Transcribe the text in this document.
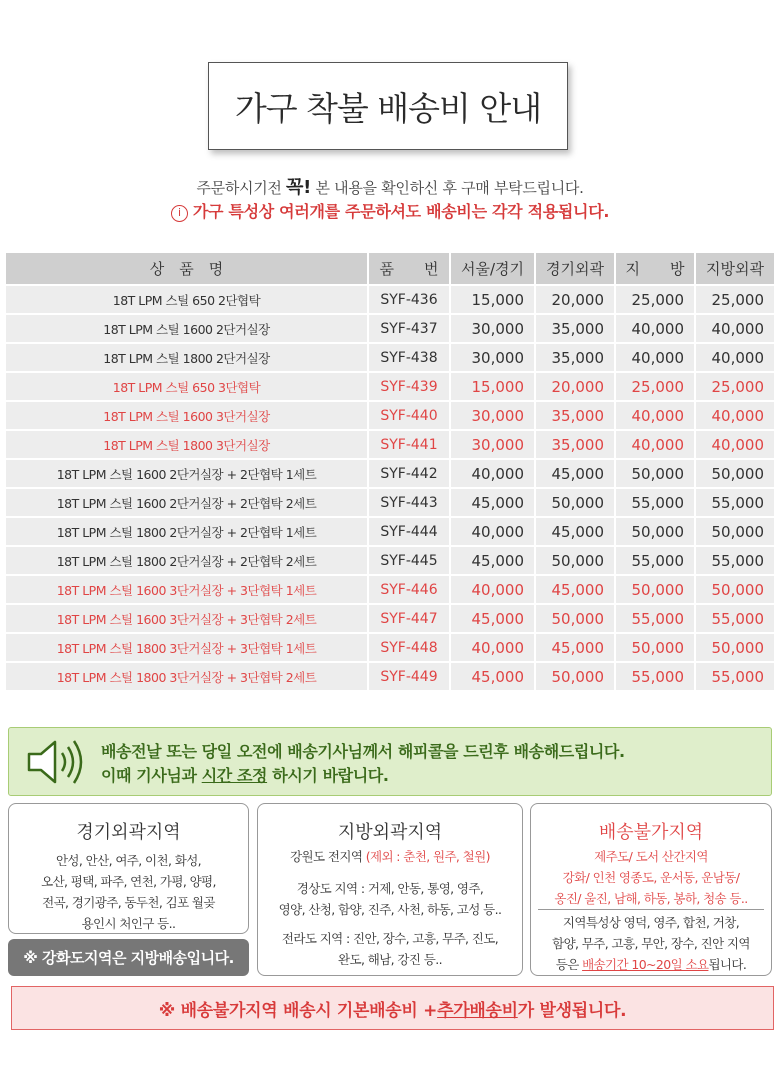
가구 착불 배송비 안내
주문하시기전 꼭! 본 내용을 확인하신 후 구매 부탁드립니다.
i 가구 특성상 여러개를 주문하셔도 배송비는 각각 적용됩니다.
상　품　명	품　　번	서울/경기	경기외곽	지　　방	지방외곽
18T LPM 스틸 650 2단협탁	SYF-436	15,000	20,000	25,000	25,000
18T LPM 스틸 1600 2단거실장	SYF-437	30,000	35,000	40,000	40,000
18T LPM 스틸 1800 2단거실장	SYF-438	30,000	35,000	40,000	40,000
18T LPM 스틸 650 3단협탁	SYF-439	15,000	20,000	25,000	25,000
18T LPM 스틸 1600 3단거실장	SYF-440	30,000	35,000	40,000	40,000
18T LPM 스틸 1800 3단거실장	SYF-441	30,000	35,000	40,000	40,000
18T LPM 스틸 1600 2단거실장 + 2단협탁 1세트	SYF-442	40,000	45,000	50,000	50,000
18T LPM 스틸 1600 2단거실장 + 2단협탁 2세트	SYF-443	45,000	50,000	55,000	55,000
18T LPM 스틸 1800 2단거실장 + 2단협탁 1세트	SYF-444	40,000	45,000	50,000	50,000
18T LPM 스틸 1800 2단거실장 + 2단협탁 2세트	SYF-445	45,000	50,000	55,000	55,000
18T LPM 스틸 1600 3단거실장 + 3단협탁 1세트	SYF-446	40,000	45,000	50,000	50,000
18T LPM 스틸 1600 3단거실장 + 3단협탁 2세트	SYF-447	45,000	50,000	55,000	55,000
18T LPM 스틸 1800 3단거실장 + 3단협탁 1세트	SYF-448	40,000	45,000	50,000	50,000
18T LPM 스틸 1800 3단거실장 + 3단협탁 2세트	SYF-449	45,000	50,000	55,000	55,000
배송전날 또는 당일 오전에 배송기사님께서 해피콜을 드린후 배송해드립니다.
이때 기사님과 시간 조정 하시기 바랍니다.
경기외곽지역
안성, 안산, 여주, 이천, 화성,
오산, 평택, 파주, 연천, 가평, 양평,
전곡, 경기광주, 동두천, 김포 월곶
용인시 처인구 등..
※ 강화도지역은 지방배송입니다.
지방외곽지역
강원도 전지역 (제외 : 춘천, 원주, 철원)
경상도 지역 : 거제, 안동, 통영, 영주,
영양, 산청, 함양, 진주, 사천, 하동, 고성 등..
전라도 지역 : 진안, 장수, 고흥, 무주, 진도,
완도, 해남, 강진 등..
배송불가지역
제주도/ 도서 산간지역
강화/ 인천 영종도, 운서동, 운남동/
옹진/ 울진, 남해, 하동, 봉하, 청송 등..
지역특성상 영덕, 영주, 합천, 거창,
함양, 무주, 고흥, 무안, 장수, 진안 지역
등은 배송기간 10~20일 소요됩니다.
※ 배송불가지역 배송시 기본배송비 + 추가배송비 가 발생됩니다.
